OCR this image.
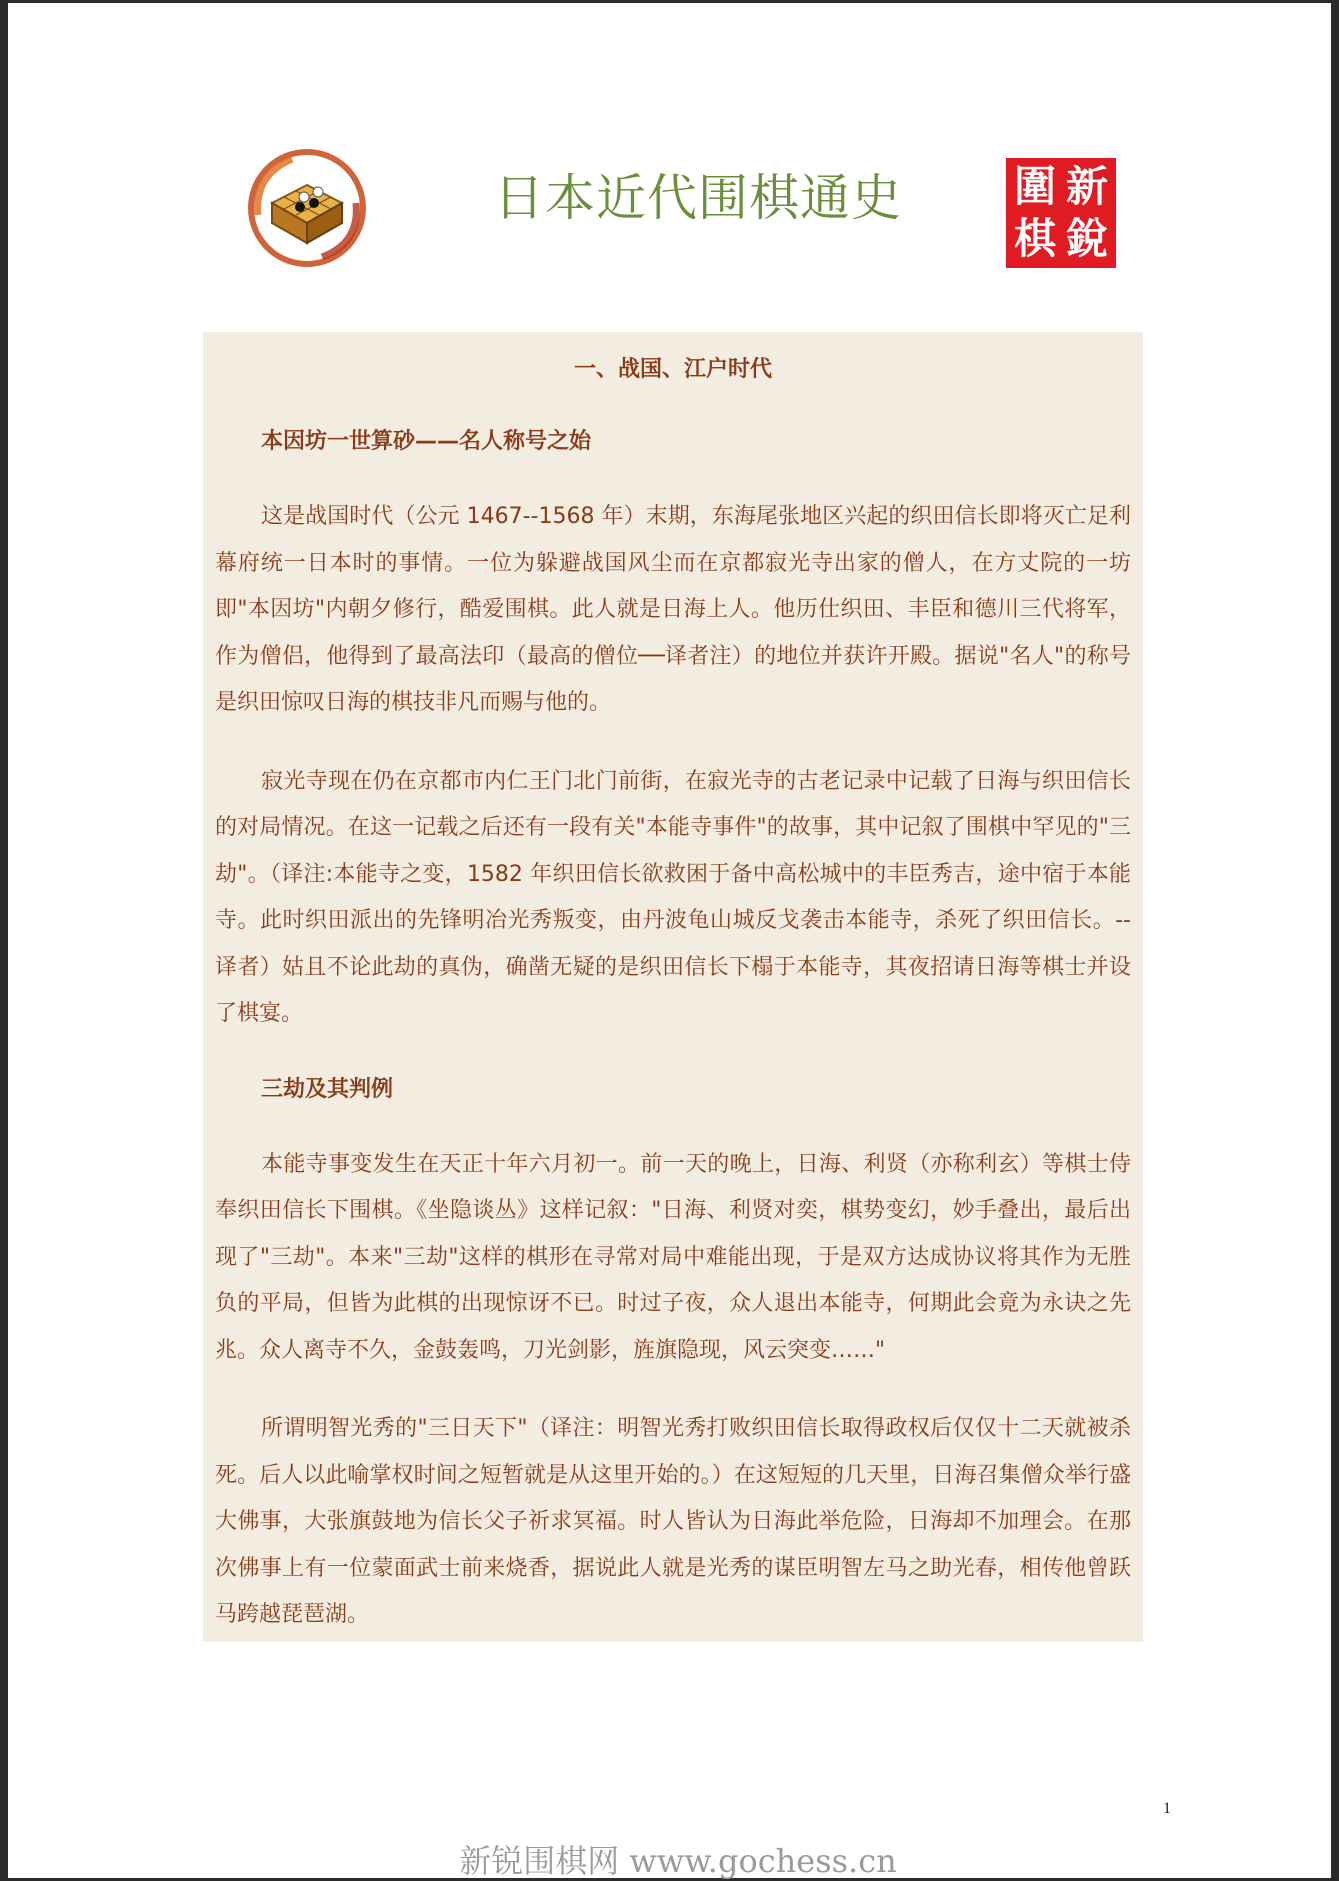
日本近代围棋通史	圍 新
棋 銳
一、战国、江户时代
本因坊一世算砂——名人称号之始
这是战国时代（公元 1467--1568 年）末期，东海尾张地区兴起的织田信长即将灭亡足利幕府统一日本时的事情。一位为躲避战国风尘而在京都寂光寺出家的僧人，在方丈院的一坊即"本因坊"内朝夕修行，酷爱围棋。此人就是日海上人。他历仕织田、丰臣和德川三代将军，作为僧侣，他得到了最高法印（最高的僧位──译者注）的地位并获许开殿。据说"名人"的称号是织田惊叹日海的棋技非凡而赐与他的。
寂光寺现在仍在京都市内仁王门北门前街，在寂光寺的古老记录中记载了日海与织田信长的对局情况。在这一记载之后还有一段有关"本能寺事件"的故事，其中记叙了围棋中罕见的"三劫"。（译注:本能寺之变，1582 年织田信长欲救困于备中高松城中的丰臣秀吉，途中宿于本能寺。此时织田派出的先锋明冶光秀叛变，由丹波龟山城反戈袭击本能寺，杀死了织田信长。--译者）姑且不论此劫的真伪，确凿无疑的是织田信长下榻于本能寺，其夜招请日海等棋士并设了棋宴。
三劫及其判例
本能寺事变发生在天正十年六月初一。前一天的晚上，日海、利贤（亦称利玄）等棋士侍奉织田信长下围棋。《坐隐谈丛》这样记叙："日海、利贤对奕，棋势变幻，妙手叠出，最后出现了"三劫"。本来"三劫"这样的棋形在寻常对局中难能出现，于是双方达成协议将其作为无胜负的平局，但皆为此棋的出现惊讶不已。时过子夜，众人退出本能寺，何期此会竟为永诀之先兆。众人离寺不久，金鼓轰鸣，刀光剑影，旌旗隐现，风云突变……"
所谓明智光秀的"三日天下"（译注：明智光秀打败织田信长取得政权后仅仅十二天就被杀死。后人以此喻掌权时间之短暂就是从这里开始的。）在这短短的几天里，日海召集僧众举行盛大佛事，大张旗鼓地为信长父子祈求冥福。时人皆认为日海此举危险，日海却不加理会。在那次佛事上有一位蒙面武士前来烧香，据说此人就是光秀的谋臣明智左马之助光春，相传他曾跃马跨越琵琶湖。
1
新锐围棋网 www.gochess.cn
